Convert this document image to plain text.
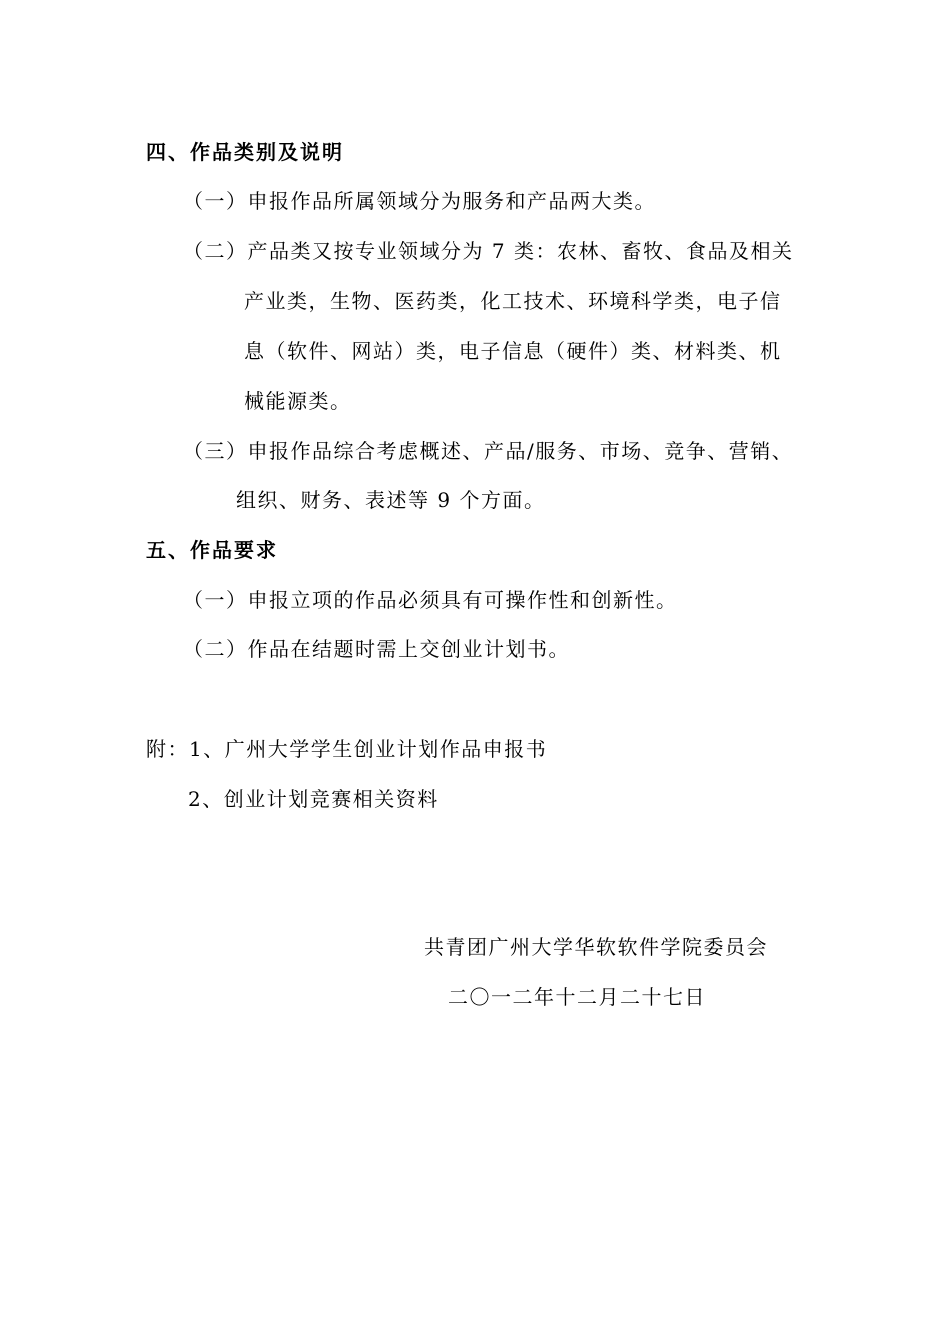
四、作品类别及说明
（一）申报作品所属领域分为服务和产品两大类。
（二）产品类又按专业领域分为 7 类：农林、畜牧、食品及相关
产业类，生物、医药类，化工技术、环境科学类，电子信
息（软件、网站）类，电子信息（硬件）类、材料类、机
械能源类。
（三）申报作品综合考虑概述、产品/服务、市场、竞争、营销、
组织、财务、表述等 9 个方面。
五、作品要求
（一）申报立项的作品必须具有可操作性和创新性。
（二）作品在结题时需上交创业计划书。
附：1、广州大学学生创业计划作品申报书
2、创业计划竞赛相关资料
共青团广州大学华软软件学院委员会
二〇一二年十二月二十七日
